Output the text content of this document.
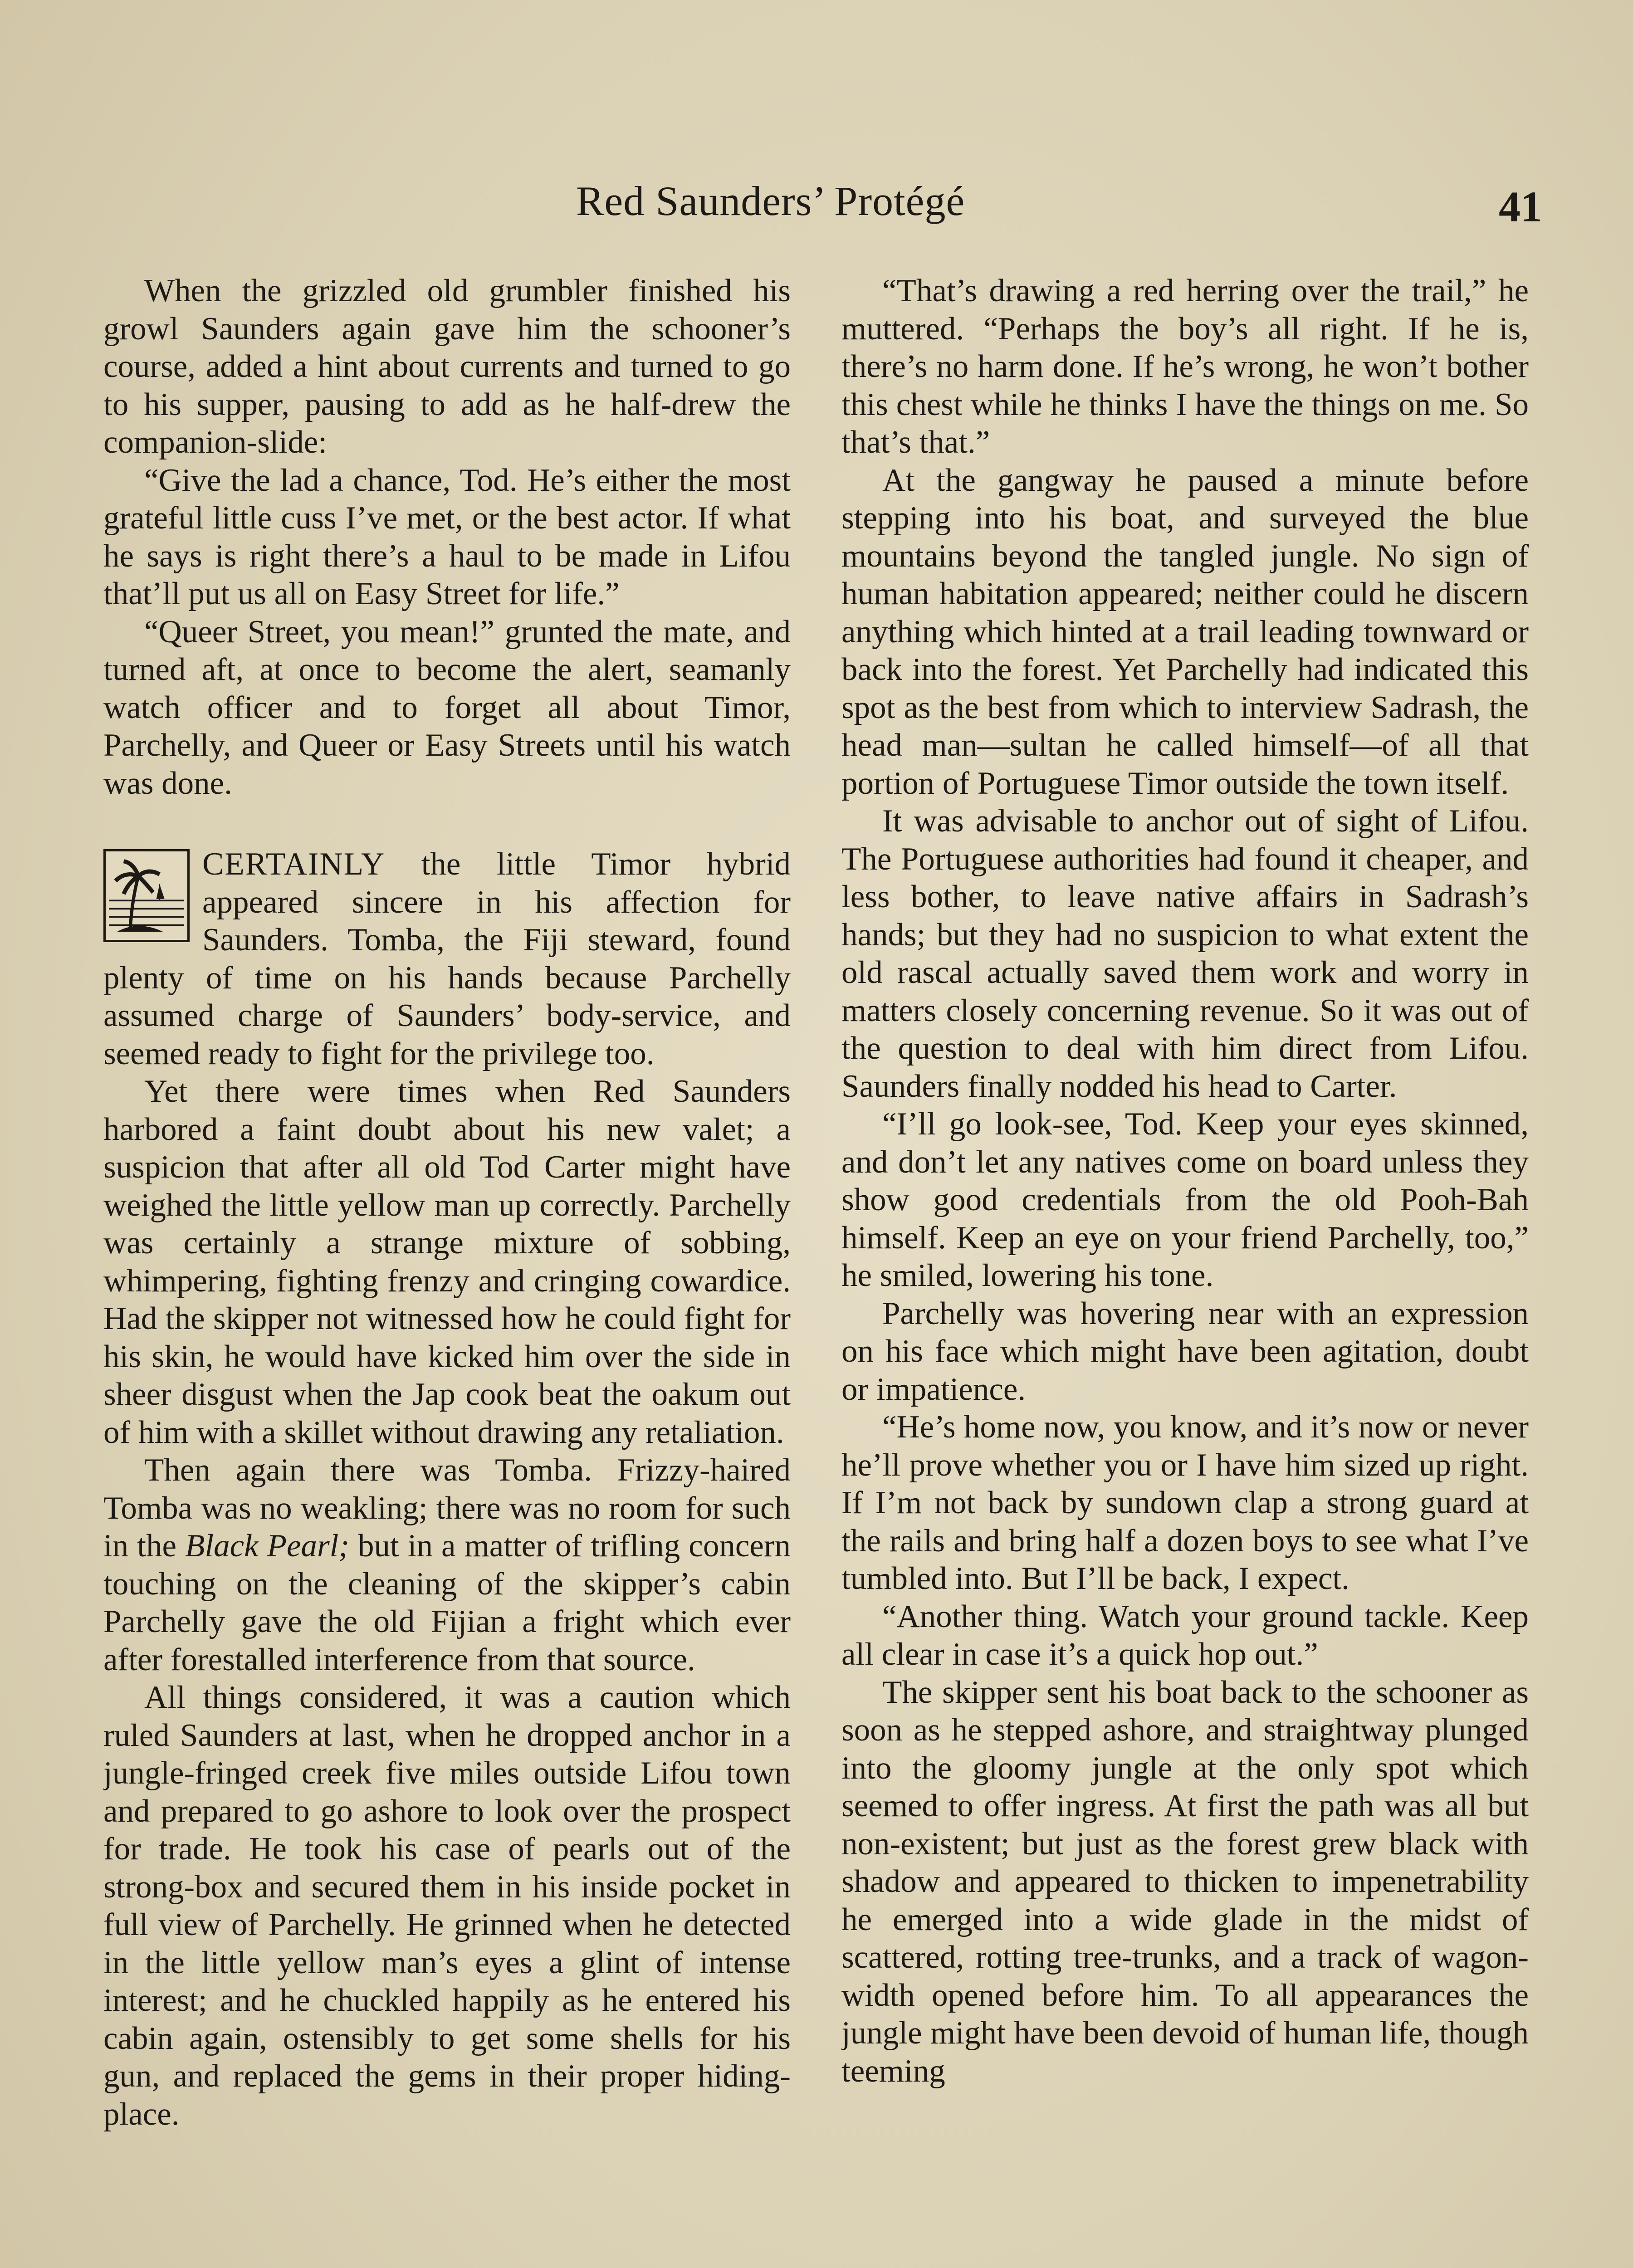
Red Saunders’ Protégé	41

When the grizzled old grumbler finished his growl Saunders again gave him the schooner’s course, added a hint about currents and turned to go to his supper, pausing to add as he half-drew the companion-slide:

“Give the lad a chance, Tod. He’s either the most grateful little cuss I’ve met, or the best actor. If what he says is right there’s a haul to be made in Lifou that’ll put us all on Easy Street for life.”

“Queer Street, you mean!” grunted the mate, and turned aft, at once to become the alert, seamanly watch officer and to forget all about Timor, Parchelly, and Queer or Easy Streets until his watch was done.

CERTAINLY the little Timor hybrid appeared sincere in his affection for Saunders. Tomba, the Fiji steward, found plenty of time on his hands because Parchelly assumed charge of Saunders’ body-service, and seemed ready to fight for the privilege too.

Yet there were times when Red Saunders harbored a faint doubt about his new valet; a suspicion that after all old Tod Carter might have weighed the little yellow man up correctly. Parchelly was certainly a strange mixture of sobbing, whimpering, fighting frenzy and cringing cowardice. Had the skipper not witnessed how he could fight for his skin, he would have kicked him over the side in sheer disgust when the Jap cook beat the oakum out of him with a skillet without drawing any retaliation.

Then again there was Tomba. Frizzy-haired Tomba was no weakling; there was no room for such in the Black Pearl; but in a matter of trifling concern touching on the cleaning of the skipper’s cabin Parchelly gave the old Fijian a fright which ever after forestalled interference from that source.

All things considered, it was a caution which ruled Saunders at last, when he dropped anchor in a jungle-fringed creek five miles outside Lifou town and prepared to go ashore to look over the prospect for trade. He took his case of pearls out of the strong-box and secured them in his inside pocket in full view of Parchelly. He grinned when he detected in the little yellow man’s eyes a glint of intense interest; and he chuckled happily as he entered his cabin again, ostensibly to get some shells for his gun, and replaced the gems in their proper hiding-place.

“That’s drawing a red herring over the trail,” he muttered. “Perhaps the boy’s all right. If he is, there’s no harm done. If he’s wrong, he won’t bother this chest while he thinks I have the things on me. So that’s that.”

At the gangway he paused a minute before stepping into his boat, and surveyed the blue mountains beyond the tangled jungle. No sign of human habitation appeared; neither could he discern anything which hinted at a trail leading townward or back into the forest. Yet Parchelly had indicated this spot as the best from which to interview Sadrash, the head man—sultan he called himself—of all that portion of Portuguese Timor outside the town itself.

It was advisable to anchor out of sight of Lifou. The Portuguese authorities had found it cheaper, and less bother, to leave native affairs in Sadrash’s hands; but they had no suspicion to what extent the old rascal actually saved them work and worry in matters closely concerning revenue. So it was out of the question to deal with him direct from Lifou. Saunders finally nodded his head to Carter.

“I’ll go look-see, Tod. Keep your eyes skinned, and don’t let any natives come on board unless they show good credentials from the old Pooh-Bah himself. Keep an eye on your friend Parchelly, too,” he smiled, lowering his tone.

Parchelly was hovering near with an expression on his face which might have been agitation, doubt or impatience.

“He’s home now, you know, and it’s now or never he’ll prove whether you or I have him sized up right. If I’m not back by sundown clap a strong guard at the rails and bring half a dozen boys to see what I’ve tumbled into. But I’ll be back, I expect.

“Another thing. Watch your ground tackle. Keep all clear in case it’s a quick hop out.”

The skipper sent his boat back to the schooner as soon as he stepped ashore, and straightway plunged into the gloomy jungle at the only spot which seemed to offer ingress. At first the path was all but non-existent; but just as the forest grew black with shadow and appeared to thicken to impenetrability he emerged into a wide glade in the midst of scattered, rotting tree-trunks, and a track of wagon-width opened before him. To all appearances the jungle might have been devoid of human life, though teeming
